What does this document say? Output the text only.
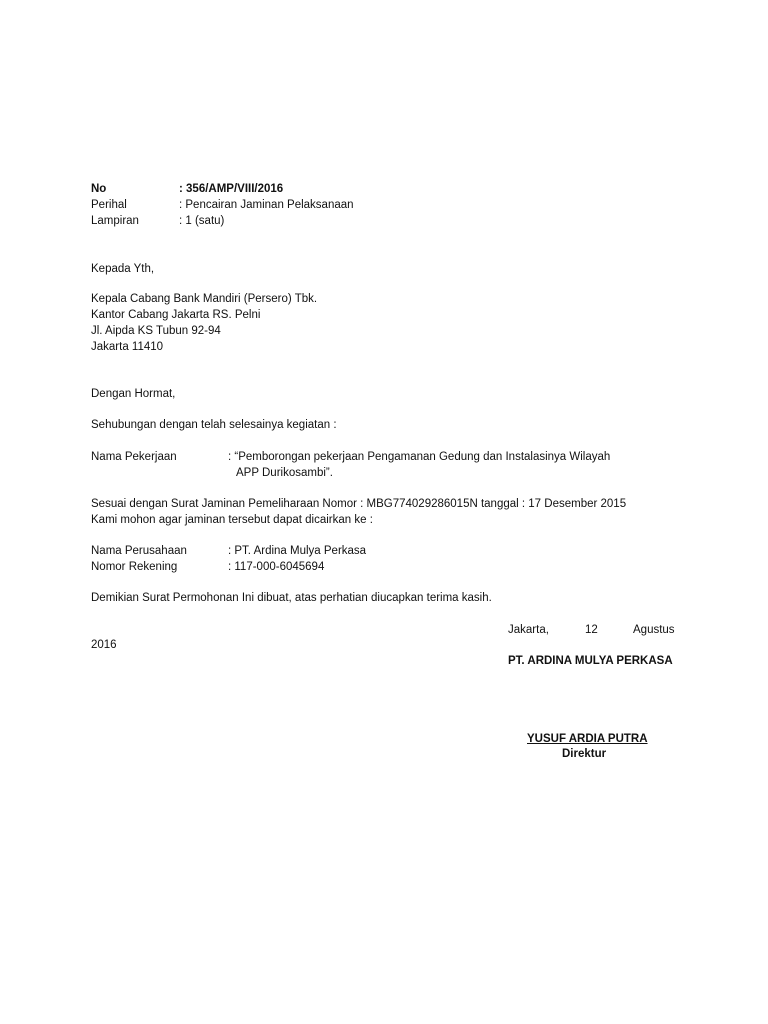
No	: 356/AMP/VIII/2016
Perihal	: Pencairan Jaminan Pelaksanaan
Lampiran	: 1 (satu)
Kepada Yth,
Kepala Cabang Bank Mandiri (Persero) Tbk.
Kantor Cabang Jakarta RS. Pelni
Jl. Aipda KS Tubun 92-94
Jakarta 11410
Dengan Hormat,
Sehubungan dengan telah selesainya kegiatan :
Nama Pekerjaan	: “Pemborongan pekerjaan Pengamanan Gedung dan Instalasinya Wilayah
APP Durikosambi”.
Sesuai dengan Surat Jaminan Pemeliharaan Nomor : MBG774029286015N tanggal : 17 Desember 2015
Kami mohon agar jaminan tersebut dapat dicairkan ke :
Nama Perusahaan	: PT. Ardina Mulya Perkasa
Nomor Rekening	: 117-000-6045694
Demikian Surat Permohonan Ini dibuat, atas perhatian diucapkan terima kasih.
Jakarta,	12	Agustus
2016
PT. ARDINA MULYA PERKASA
YUSUF ARDIA PUTRA
Direktur
